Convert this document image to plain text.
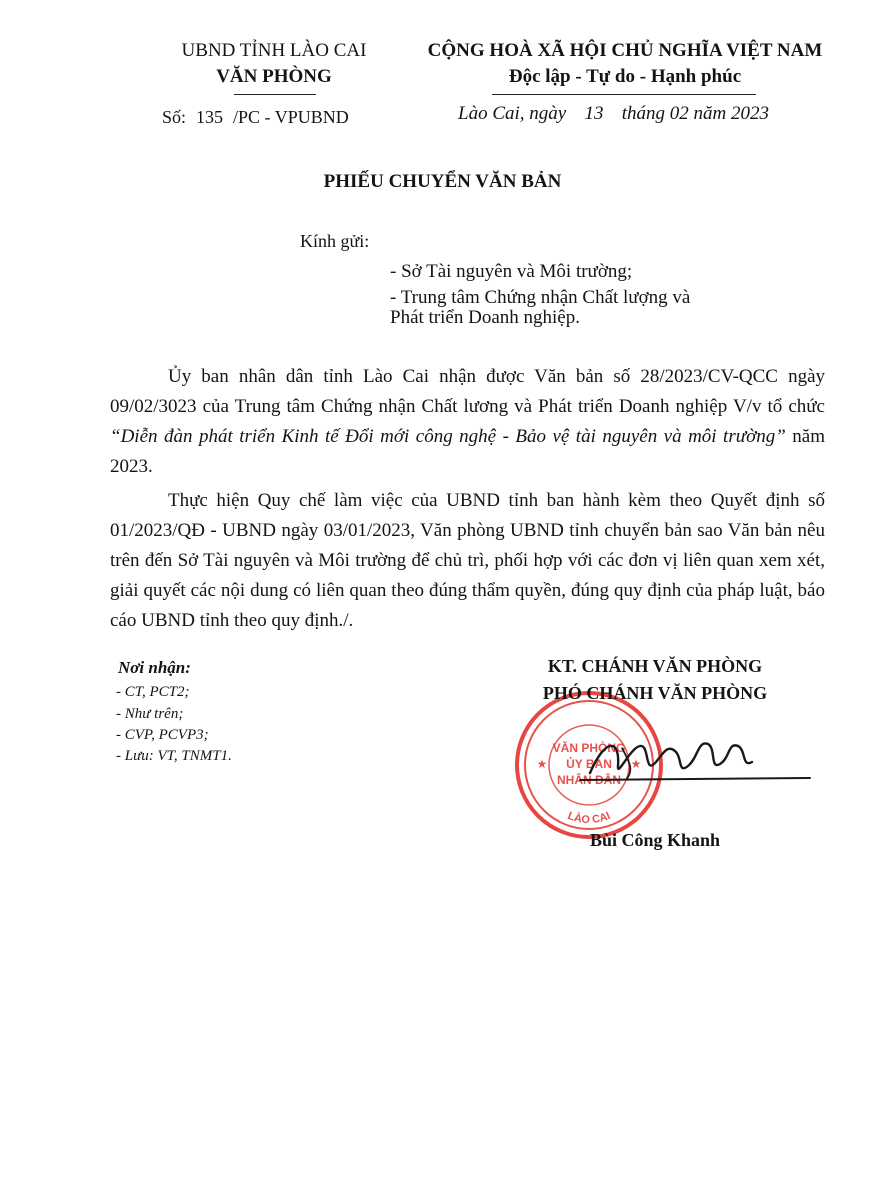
UBND TỈNH LÀO CAI
VĂN PHÒNG
CỘNG HOÀ XÃ HỘI CHỦ NGHĨA VIỆT NAM
Độc lập - Tự do - Hạnh phúc
Số: 135 /PC - VPUBND	Lào Cai, ngày 13 tháng 02 năm 2023
PHIẾU CHUYỂN VĂN BẢN
Kính gửi:
- Sở Tài nguyên và Môi trường;
- Trung tâm Chứng nhận Chất lượng và
Phát triển Doanh nghiệp.
Ủy ban nhân dân tỉnh Lào Cai nhận được Văn bản số 28/2023/CV-QCC ngày 09/02/3023 của Trung tâm Chứng nhận Chất lương và Phát triển Doanh nghiệp V/v tổ chức “Diễn đàn phát triển Kinh tế Đổi mới công nghệ - Bảo vệ tài nguyên và môi trường” năm 2023.
Thực hiện Quy chế làm việc của UBND tỉnh ban hành kèm theo Quyết định số 01/2023/QĐ - UBND ngày 03/01/2023, Văn phòng UBND tỉnh chuyển bản sao Văn bản nêu trên đến Sở Tài nguyên và Môi trường để chủ trì, phối hợp với các đơn vị liên quan xem xét, giải quyết các nội dung có liên quan theo đúng thẩm quyền, đúng quy định của pháp luật, báo cáo UBND tỉnh theo quy định./.
Nơi nhận:
- CT, PCT2;
- Như trên;
- CVP, PCVP3;
- Lưu: VT, TNMT1.	VĂN PHÒNG
ỦY BAN
NHÂN DÂN
LÀO CAI
★	★
KT. CHÁNH VĂN PHÒNG
PHÓ CHÁNH VĂN PHÒNG
Bùi Công Khanh
